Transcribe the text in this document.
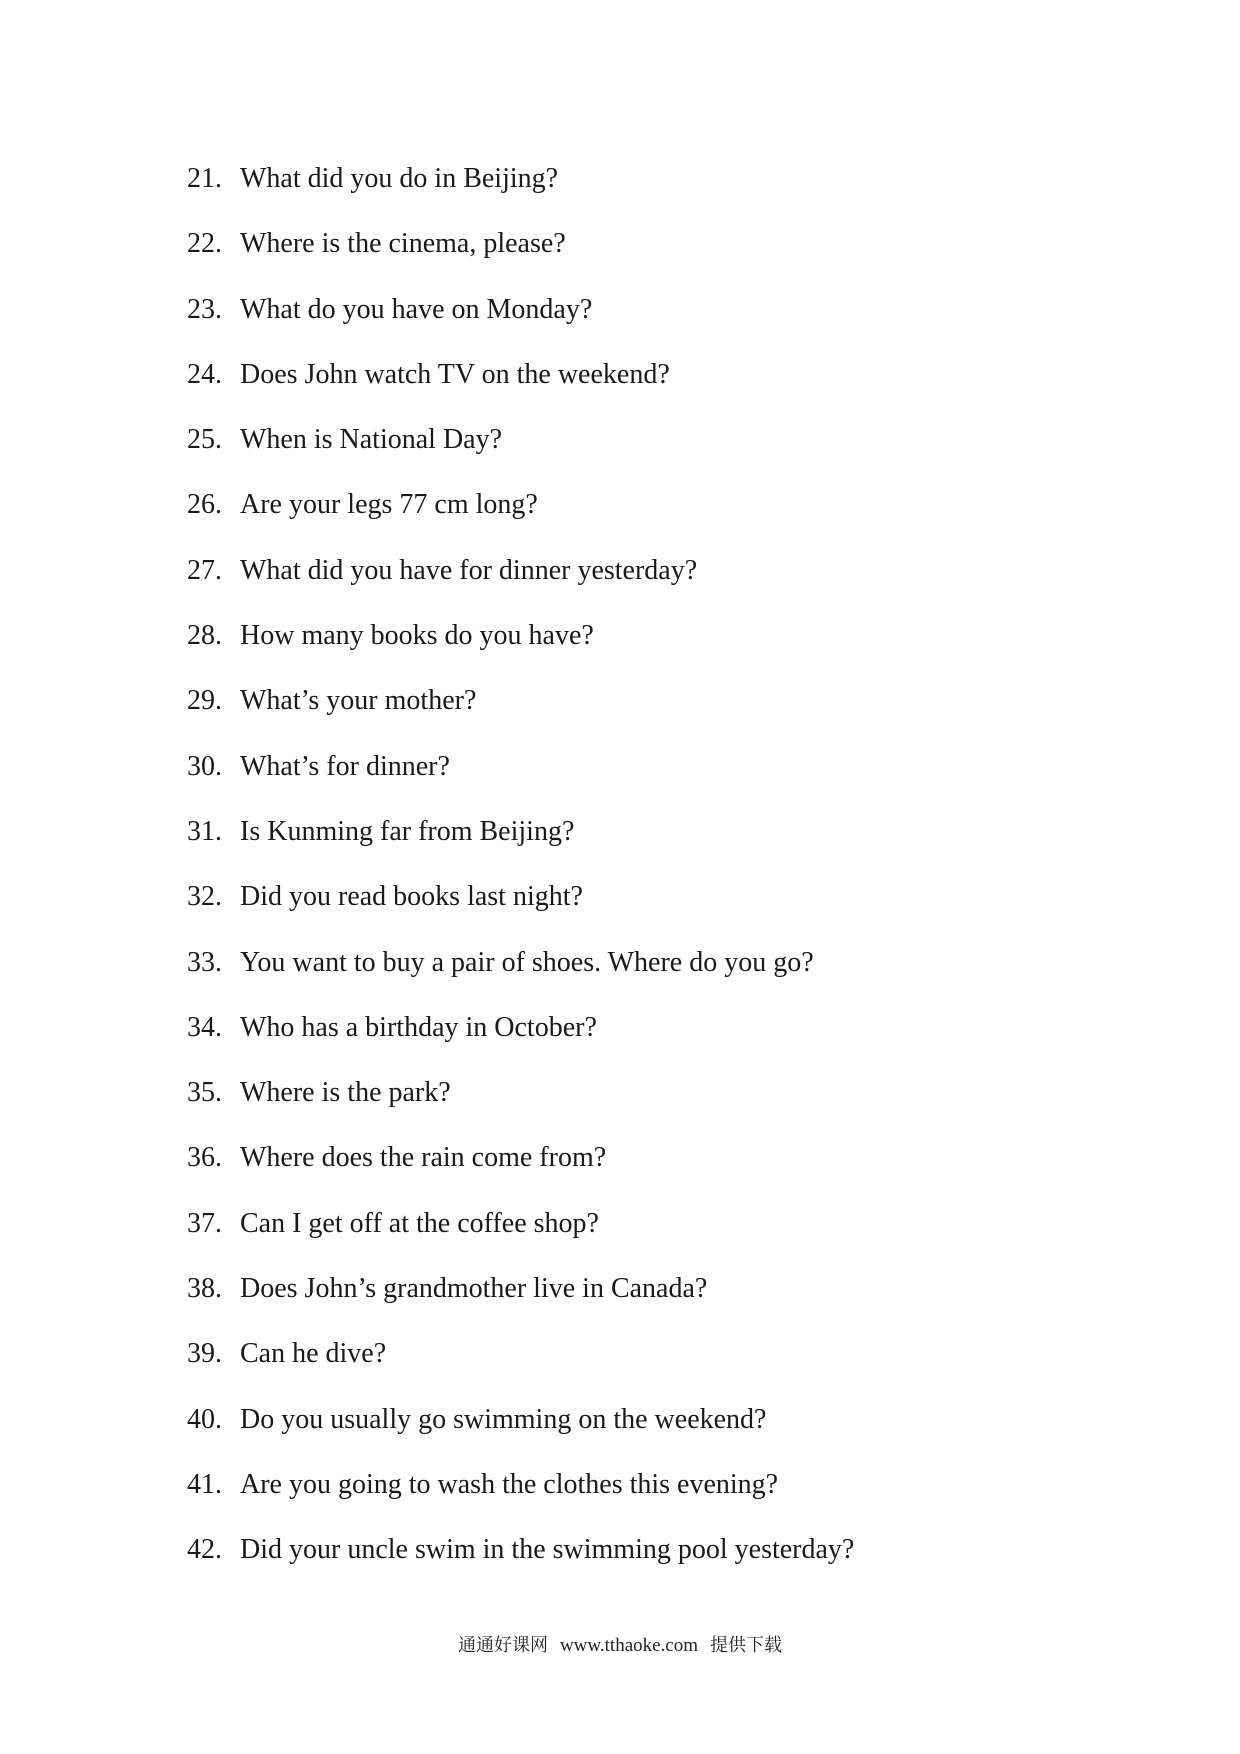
21. What did you do in Beijing?
22. Where is the cinema, please?
23. What do you have on Monday?
24. Does John watch TV on the weekend?
25. When is National Day?
26. Are your legs 77 cm long?
27. What did you have for dinner yesterday?
28. How many books do you have?
29. What’s your mother?
30. What’s for dinner?
31. Is Kunming far from Beijing?
32. Did you read books last night?
33. You want to buy a pair of shoes. Where do you go?
34. Who has a birthday in October?
35. Where is the park?
36. Where does the rain come from?
37. Can I get off at the coffee shop?
38. Does John’s grandmother live in Canada?
39. Can he dive?
40. Do you usually go swimming on the weekend?
41. Are you going to wash the clothes this evening?
42. Did your uncle swim in the swimming pool yesterday?
通通好课网 www.tthaoke.com 提供下载
